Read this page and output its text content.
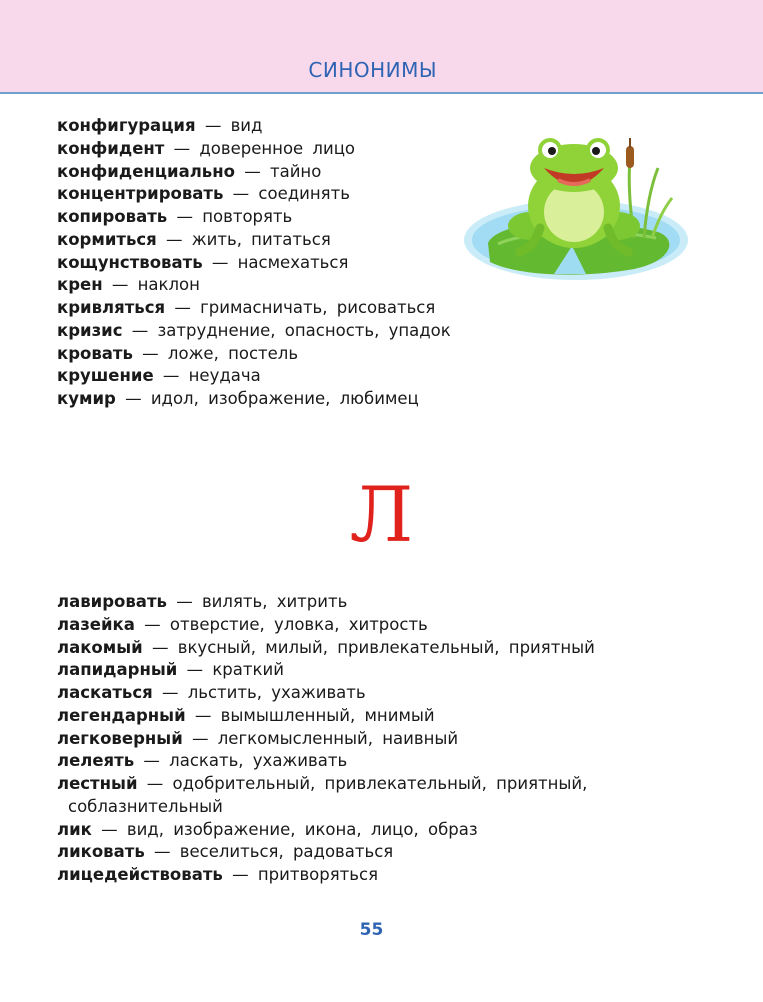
СИНОНИМЫ
конфигурация — вид
конфидент — доверенное лицо
конфиденциально — тайно
концентрировать — соединять
копировать — повторять
кормиться — жить, питаться
кощунствовать — насмехаться
крен — наклон
кривляться — гримасничать, рисоваться
кризис — затруднение, опасность, упадок
кровать — ложе, постель
крушение — неудача
кумир — идол, изображение, любимец
Л
лавировать — вилять, хитрить
лазейка — отверстие, уловка, хитрость
лакомый — вкусный, милый, привлекательный, приятный
лапидарный — краткий
ласкаться — льстить, ухаживать
легендарный — вымышленный, мнимый
легковерный — легкомысленный, наивный
лелеять — ласкать, ухаживать
лестный — одобрительный, привлекательный, приятный,
соблазнительный
лик — вид, изображение, икона, лицо, образ
ликовать — веселиться, радоваться
лицедействовать — притворяться
55
